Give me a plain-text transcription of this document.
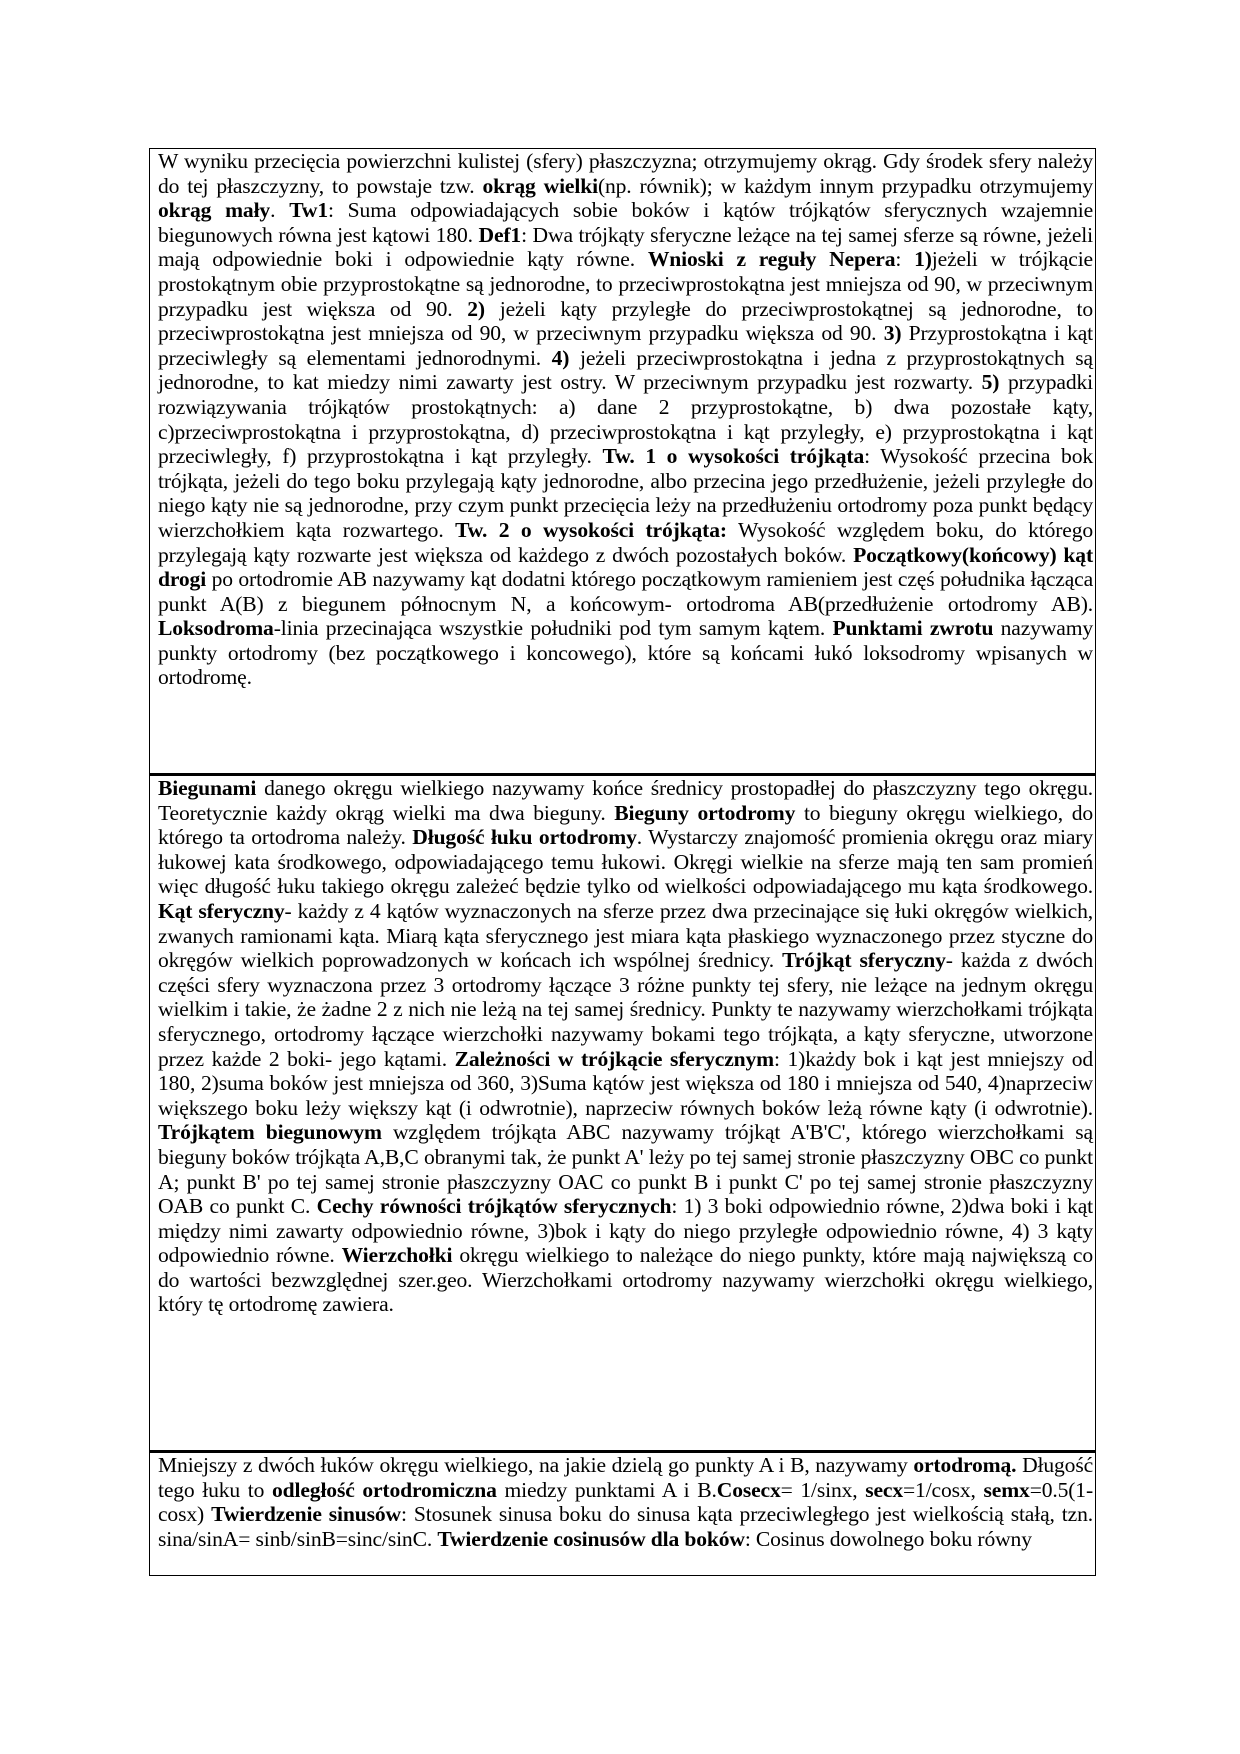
W wyniku przecięcia powierzchni kulistej (sfery) płaszczyzna; otrzymujemy okrąg. Gdy środek sfery należy do tej płaszczyzny, to powstaje tzw. okrąg wielki(np. równik); w każdym innym przypadku otrzymujemy okrąg mały. Tw1: Suma odpowiadających sobie boków i kątów trójkątów sferycznych wzajemnie biegunowych równa jest kątowi 180. Def1: Dwa trójkąty sferyczne leżące na tej samej sferze są równe, jeżeli mają odpowiednie boki i odpowiednie kąty równe. Wnioski z reguły Nepera: 1)jeżeli w trójkącie prostokątnym obie przyprostokątne są jednorodne, to przeciwprostokątna jest mniejsza od 90, w przeciwnym przypadku jest większa od 90. 2) jeżeli kąty przyległe do przeciwprostokątnej są jednorodne, to przeciwprostokątna jest mniejsza od 90, w przeciwnym przypadku większa od 90. 3) Przyprostokątna i kąt przeciwległy są elementami jednorodnymi. 4) jeżeli przeciwprostokątna i jedna z przyprostokątnych są jednorodne, to kat miedzy nimi zawarty jest ostry. W przeciwnym przypadku jest rozwarty. 5) przypadki rozwiązywania trójkątów prostokątnych: a) dane 2 przyprostokątne, b) dwa pozostałe kąty, c)przeciwprostokątna i przyprostokątna, d) przeciwprostokątna i kąt przyległy, e) przyprostokątna i kąt przeciwległy, f) przyprostokątna i kąt przyległy. Tw. 1 o wysokości trójkąta: Wysokość przecina bok trójkąta, jeżeli do tego boku przylegają kąty jednorodne, albo przecina jego przedłużenie, jeżeli przyległe do niego kąty nie są jednorodne, przy czym punkt przecięcia leży na przedłużeniu ortodromy poza punkt będący wierzchołkiem kąta rozwartego. Tw. 2 o wysokości trójkąta: Wysokość względem boku, do którego przylegają kąty rozwarte jest większa od każdego z dwóch pozostałych boków. Początkowy(końcowy) kąt drogi po ortodromie AB nazywamy kąt dodatni którego początkowym ramieniem jest częś południka łącząca punkt A(B) z biegunem północnym N, a końcowym- ortodroma AB(przedłużenie ortodromy AB). Loksodroma-linia przecinająca wszystkie południki pod tym samym kątem. Punktami zwrotu nazywamy punkty ortodromy (bez początkowego i koncowego), które są końcami łukó loksodromy wpisanych w ortodromę.

Biegunami danego okręgu wielkiego nazywamy końce średnicy prostopadłej do płaszczyzny tego okręgu. Teoretycznie każdy okrąg wielki ma dwa bieguny. Bieguny ortodromy to bieguny okręgu wielkiego, do którego ta ortodroma należy. Długość łuku ortodromy. Wystarczy znajomość promienia okręgu oraz miary łukowej kata środkowego, odpowiadającego temu łukowi. Okręgi wielkie na sferze mają ten sam promień więc długość łuku takiego okręgu zależeć będzie tylko od wielkości odpowiadającego mu kąta środkowego. Kąt sferyczny- każdy z 4 kątów wyznaczonych na sferze przez dwa przecinające się łuki okręgów wielkich, zwanych ramionami kąta. Miarą kąta sferycznego jest miara kąta płaskiego wyznaczonego przez styczne do okręgów wielkich poprowadzonych w końcach ich wspólnej średnicy. Trójkąt sferyczny- każda z dwóch części sfery wyznaczona przez 3 ortodromy łączące 3 różne punkty tej sfery, nie leżące na jednym okręgu wielkim i takie, że żadne 2 z nich nie leżą na tej samej średnicy. Punkty te nazywamy wierzchołkami trójkąta sferycznego, ortodromy łączące wierzchołki nazywamy bokami tego trójkąta, a kąty sferyczne, utworzone przez każde 2 boki- jego kątami. Zależności w trójkącie sferycznym: 1)każdy bok i kąt jest mniejszy od 180, 2)suma boków jest mniejsza od 360, 3)Suma kątów jest większa od 180 i mniejsza od 540, 4)naprzeciw większego boku leży większy kąt (i odwrotnie), naprzeciw równych boków leżą równe kąty (i odwrotnie). Trójkątem biegunowym względem trójkąta ABC nazywamy trójkąt A'B'C', którego wierzchołkami są bieguny boków trójkąta A,B,C obranymi tak, że punkt A' leży po tej samej stronie płaszczyzny OBC co punkt A; punkt B' po tej samej stronie płaszczyzny OAC co punkt B i punkt C' po tej samej stronie płaszczyzny OAB co punkt C. Cechy równości trójkątów sferycznych: 1) 3 boki odpowiednio równe, 2)dwa boki i kąt między nimi zawarty odpowiednio równe, 3)bok i kąty do niego przyległe odpowiednio równe, 4) 3 kąty odpowiednio równe. Wierzchołki okręgu wielkiego to należące do niego punkty, które mają największą co do wartości bezwzględnej szer.geo. Wierzchołkami ortodromy nazywamy wierzchołki okręgu wielkiego, który tę ortodromę zawiera.

Mniejszy z dwóch łuków okręgu wielkiego, na jakie dzielą go punkty A i B, nazywamy ortodromą. Długość tego łuku to odległość ortodromiczna miedzy punktami A i B.Cosecx= 1/sinx, secx=1/cosx, semx=0.5(1-cosx) Twierdzenie sinusów: Stosunek sinusa boku do sinusa kąta przeciwległego jest wielkością stałą, tzn. sina/sinA= sinb/sinB=sinc/sinC. Twierdzenie cosinusów dla boków: Cosinus dowolnego boku równy
